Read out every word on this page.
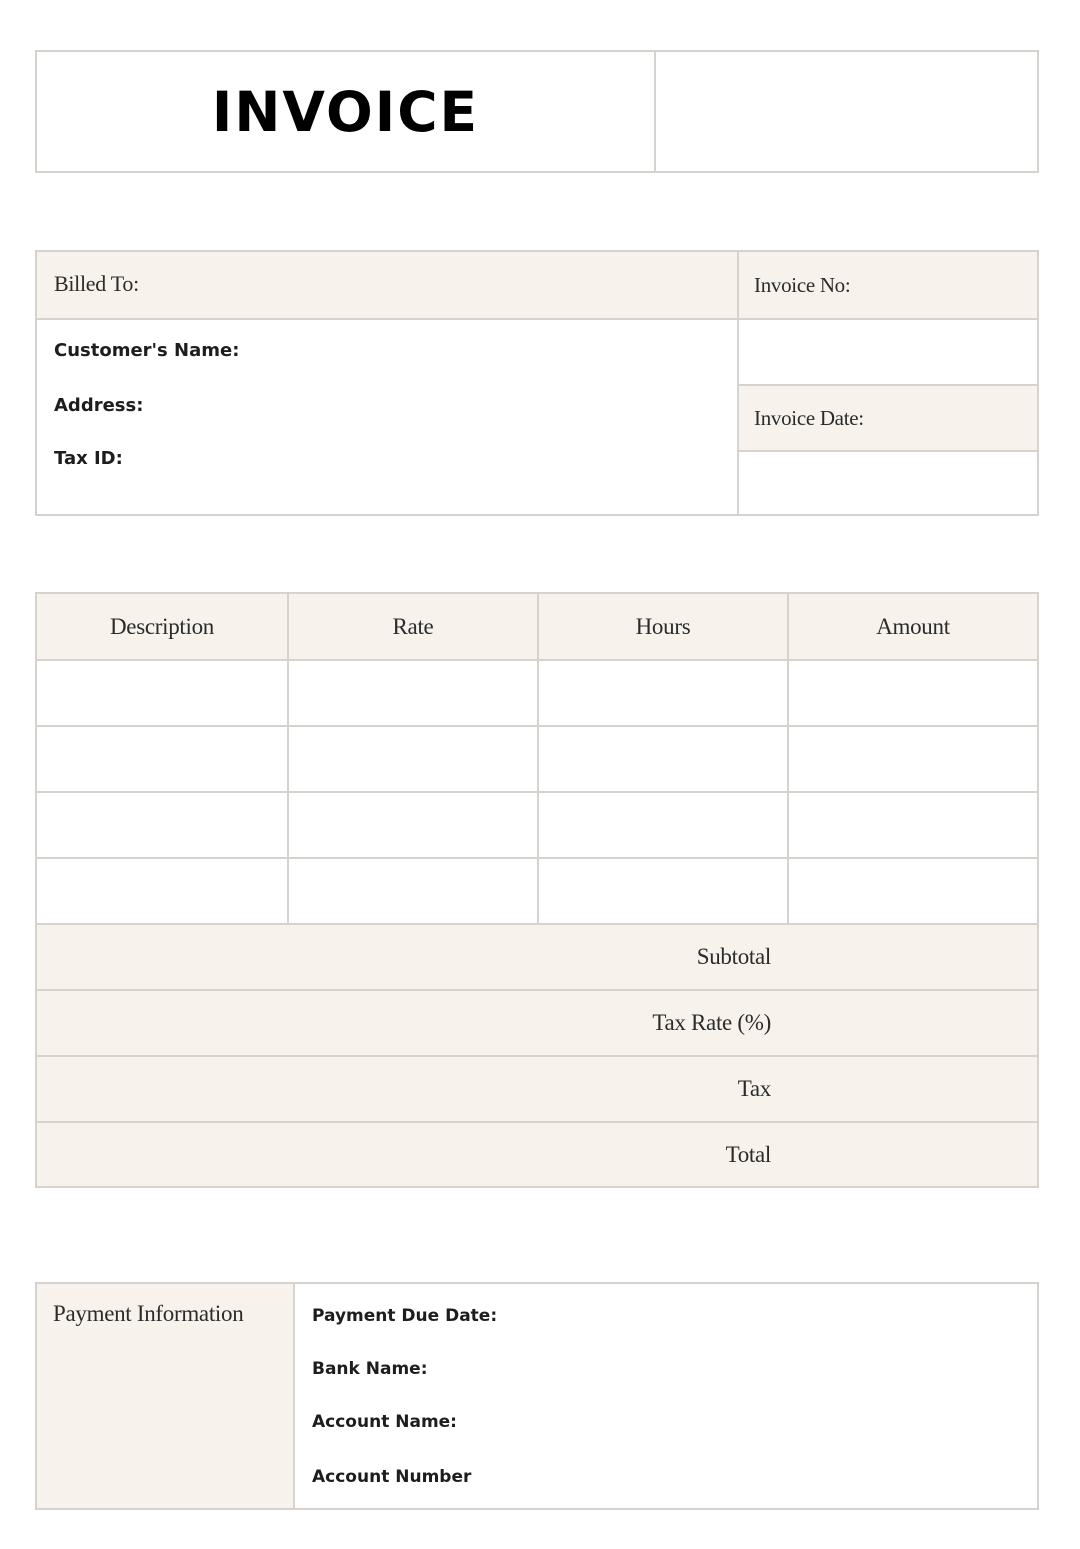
INVOICE
Billed To:
Customer's Name:
Address:
Tax ID:
Invoice No:
Invoice Date:
Description	Rate	Hours	Amount
Subtotal
Tax Rate (%)
Tax
Total
Payment Information	Payment Due Date:
Bank Name:
Account Name:
Account Number
